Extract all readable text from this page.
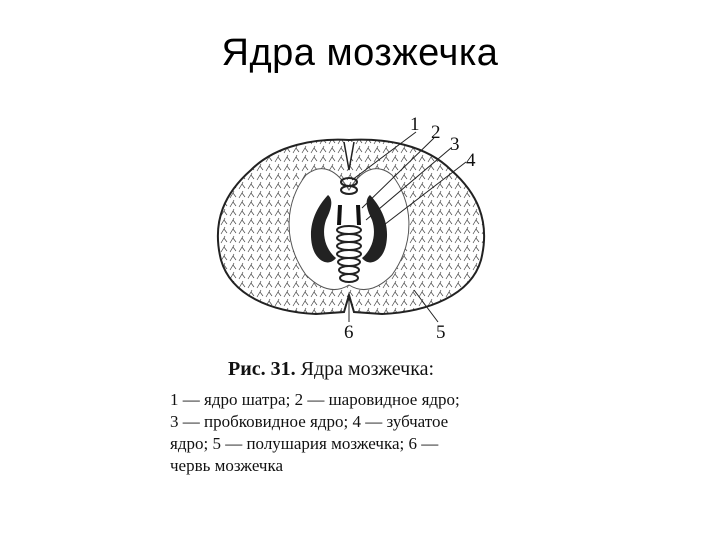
Ядра мозжечка
1 2
3
4
5
6
Рис. 31. Ядра мозжечка:
1 — ядро шатра; 2 — шаровидное ядро;
3 — пробковидное ядро; 4 — зубчатое
ядро; 5 — полушария мозжечка; 6 —
червь мозжечка
